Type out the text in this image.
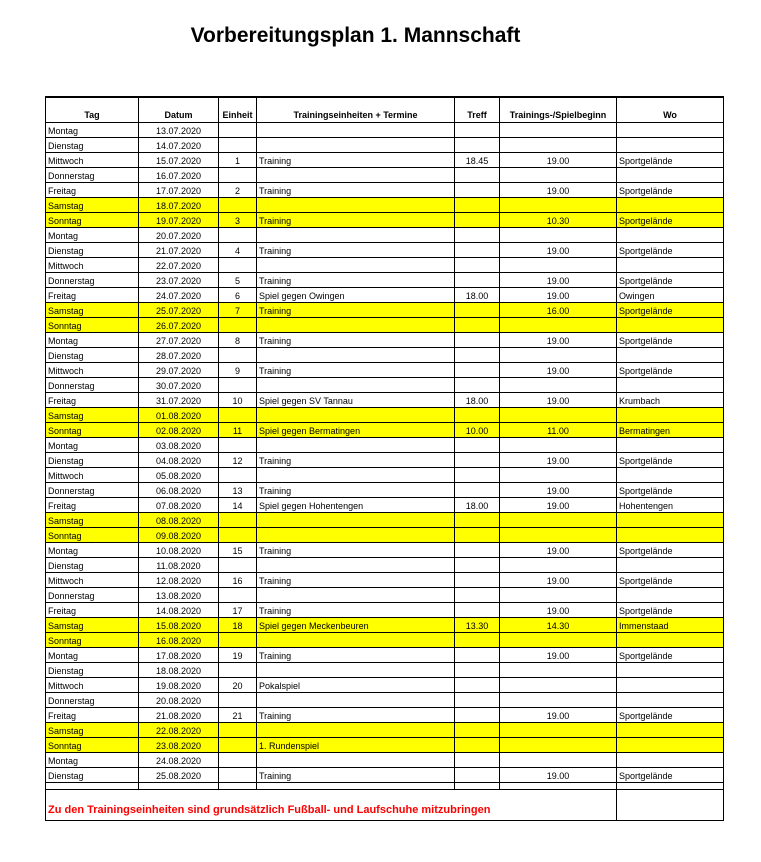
Vorbereitungsplan 1. Mannschaft
Tag	Datum	Einheit	Trainingseinheiten + Termine	Treff	Trainings-/Spielbeginn	Wo
Montag	13.07.2020					
Dienstag	14.07.2020					
Mittwoch	15.07.2020	1	Training	18.45	19.00	Sportgelände
Donnerstag	16.07.2020					
Freitag	17.07.2020	2	Training		19.00	Sportgelände
Samstag	18.07.2020					
Sonntag	19.07.2020	3	Training		10.30	Sportgelände
Montag	20.07.2020					
Dienstag	21.07.2020	4	Training		19.00	Sportgelände
Mittwoch	22.07.2020					
Donnerstag	23.07.2020	5	Training		19.00	Sportgelände
Freitag	24.07.2020	6	Spiel gegen Owingen	18.00	19.00	Owingen
Samstag	25.07.2020	7	Training		16.00	Sportgelände
Sonntag	26.07.2020					
Montag	27.07.2020	8	Training		19.00	Sportgelände
Dienstag	28.07.2020					
Mittwoch	29.07.2020	9	Training		19.00	Sportgelände
Donnerstag	30.07.2020					
Freitag	31.07.2020	10	Spiel gegen SV Tannau	18.00	19.00	Krumbach
Samstag	01.08.2020					
Sonntag	02.08.2020	11	Spiel gegen Bermatingen	10.00	11.00	Bermatingen
Montag	03.08.2020					
Dienstag	04.08.2020	12	Training		19.00	Sportgelände
Mittwoch	05.08.2020					
Donnerstag	06.08.2020	13	Training		19.00	Sportgelände
Freitag	07.08.2020	14	Spiel gegen Hohentengen	18.00	19.00	Hohentengen
Samstag	08.08.2020					
Sonntag	09.08.2020					
Montag	10.08.2020	15	Training		19.00	Sportgelände
Dienstag	11.08.2020					
Mittwoch	12.08.2020	16	Training		19.00	Sportgelände
Donnerstag	13.08.2020					
Freitag	14.08.2020	17	Training		19.00	Sportgelände
Samstag	15.08.2020	18	Spiel gegen Meckenbeuren	13.30	14.30	Immenstaad
Sonntag	16.08.2020					
Montag	17.08.2020	19	Training		19.00	Sportgelände
Dienstag	18.08.2020					
Mittwoch	19.08.2020	20	Pokalspiel			
Donnerstag	20.08.2020					
Freitag	21.08.2020	21	Training		19.00	Sportgelände
Samstag	22.08.2020					
Sonntag	23.08.2020		1. Rundenspiel			
Montag	24.08.2020					
Dienstag	25.08.2020		Training		19.00	Sportgelände

Zu den Trainingseinheiten sind grundsätzlich Fußball- und Laufschuhe mitzubringen						
